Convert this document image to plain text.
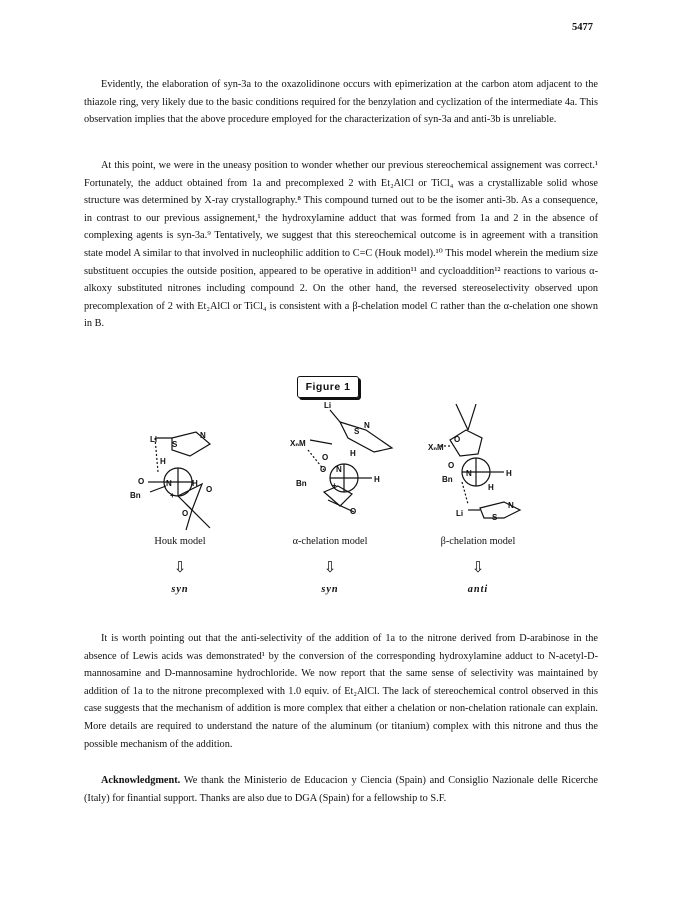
5477

Evidently, the elaboration of syn-3a to the oxazolidinone occurs with epimerization at the carbon atom adjacent to the thiazole ring, very likely due to the basic conditions required for the benzylation and cyclization of the intermediate 4a. This observation implies that the above procedure employed for the characterization of syn-3a and anti-3b is unreliable.

At this point, we were in the uneasy position to wonder whether our previous stereochemical assignement was correct.¹ Fortunately, the adduct obtained from 1a and precomplexed 2 with Et₂AlCl or TiCl₄ was a crystallizable solid whose structure was determined by X-ray crystallography.⁸ This compound turned out to be the isomer anti-3b. As a consequence, in contrast to our previous assignement,¹ the hydroxylamine adduct that was formed from 1a and 2 in the absence of complexing agents is syn-3a.⁹ Tentatively, we suggest that this stereochemical outcome is in agreement with a transition state model A similar to that involved in nucleophilic addition to C=C (Houk model).¹⁰ This model wherein the medium size substituent occupies the outside position, appeared to be operative in addition¹¹ and cycloaddition¹² reactions to various α-alkoxy substituted nitrones including compound 2. On the other hand, the reversed stereoselectivity observed upon precomplexation of 2 with Et₂AlCl or TiCl₄ is consistent with a β-chelation model C rather than the α-chelation one shown in B.

Figure 1
Li
S
N
H
O	N
Bn	+
H
O
O
Li
S
N
XₙM
O	H
O N
Bn	+
H
O
XₙM
O
O
N
Bn
H
H
Li	S
N
Houk model	α-chelation model	β-chelation model
⇩	⇩	⇩
syn	syn	anti

It is worth pointing out that the anti-selectivity of the addition of 1a to the nitrone derived from D-arabinose in the absence of Lewis acids was demonstrated¹ by the conversion of the corresponding hydroxylamine adduct to N-acetyl-D-mannosamine and D-mannosamine hydrochloride. We now report that the same sense of selectivity was maintained by addition of 1a to the nitrone precomplexed with 1.0 equiv. of Et₂AlCl. The lack of stereochemical control observed in this case suggests that the mechanism of addition is more complex that either a chelation or non-chelation rationale can explain. More details are required to understand the nature of the aluminum (or titanium) complex with this nitrone and thus the possible mechanism of the addition.

Acknowledgment. We thank the Ministerio de Educacion y Ciencia (Spain) and Consiglio Nazionale delle Ricerche (Italy) for finantial support. Thanks are also due to DGA (Spain) for a fellowship to S.F.
